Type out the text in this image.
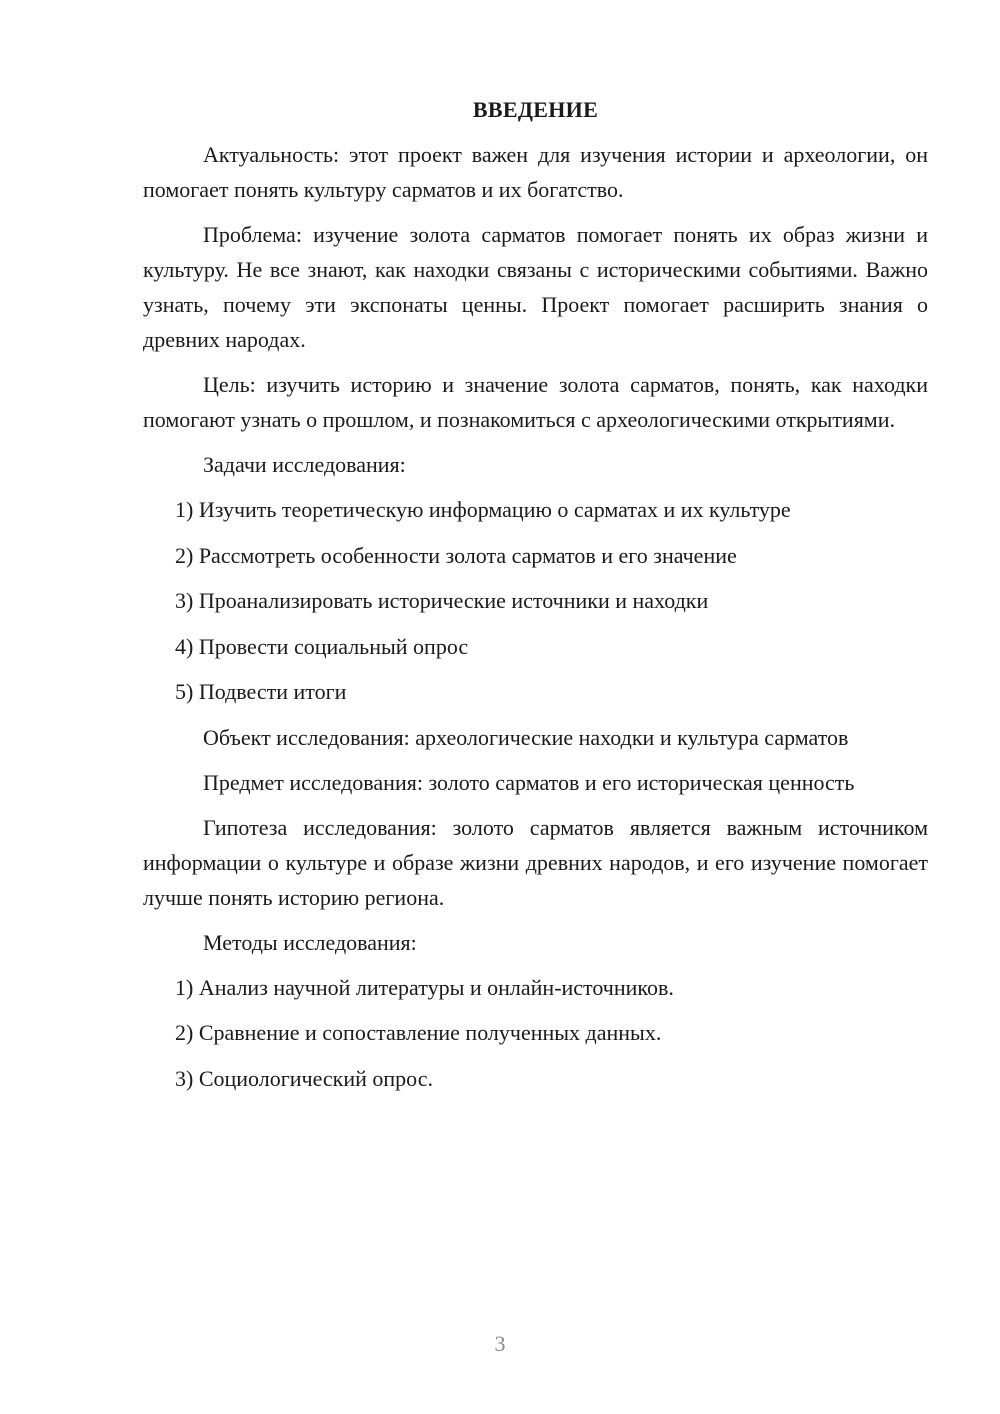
ВВЕДЕНИЕ

Актуальность: этот проект важен для изучения истории и археологии, он помогает понять культуру сарматов и их богатство.

Проблема: изучение золота сарматов помогает понять их образ жизни и культуру. Не все знают, как находки связаны с историческими событиями. Важно узнать, почему эти экспонаты ценны. Проект помогает расширить знания о древних народах.

Цель: изучить историю и значение золота сарматов, понять, как находки помогают узнать о прошлом, и познакомиться с археологическими открытиями.

Задачи исследования:

1) Изучить теоретическую информацию о сарматах и их культуре
2) Рассмотреть особенности золота сарматов и его значение
3) Проанализировать исторические источники и находки
4) Провести социальный опрос
5) Подвести итоги

Объект исследования: археологические находки и культура сарматов

Предмет исследования: золото сарматов и его историческая ценность

Гипотеза исследования: золото сарматов является важным источником информации о культуре и образе жизни древних народов, и его изучение помогает лучше понять историю региона.

Методы исследования:

1) Анализ научной литературы и онлайн-источников.
2) Сравнение и сопоставление полученных данных.
3) Социологический опрос.
3
